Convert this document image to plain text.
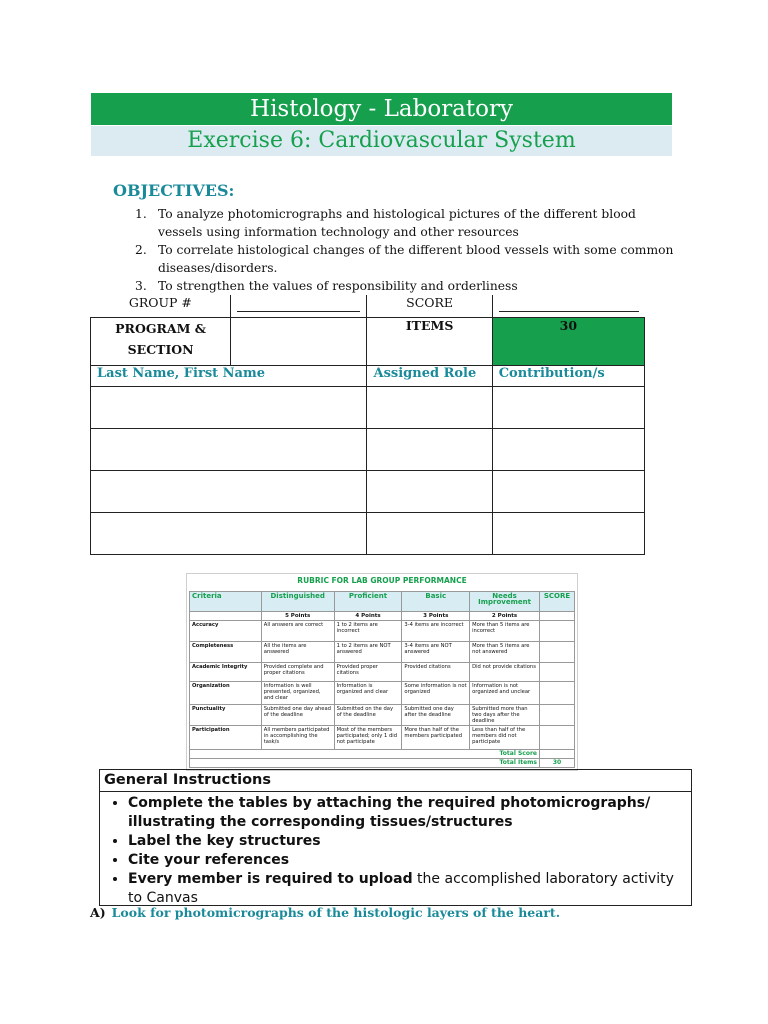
Histology - Laboratory
Exercise 6: Cardiovascular System
OBJECTIVES:
1. To analyze photomicrographs and histological pictures of the different blood vessels using information technology and other resources
2. To correlate histological changes of the different blood vessels with some common diseases/disorders.
3. To strengthen the values of responsibility and orderliness
GROUP #		SCORE	

PROGRAM & SECTION		ITEMS	30
Last Name, First Name		Assigned Role	Contribution/s

RUBRIC FOR LAB GROUP PERFORMANCE
Criteria	Distinguished	Proficient	Basic	Needs Improvement	SCORE
	5 Points	4 Points	3 Points	2 Points	
Accuracy	All answers are correct	1 to 2 items are incorrect	3-4 items are incorrect	More than 5 items are incorrect	
Completeness	All the items are answered	1 to 2 items are NOT answered	3-4 items are NOT answered	More than 5 items are not answered	
Academic Integrity	Provided complete and proper citations	Provided proper citations	Provided citations	Did not provide citations	
Organization	Information is well presented, organized, and clear	Information is organized and clear	Some information is not organized	Information is not organized and unclear	
Punctuality	Submitted one day ahead of the deadline	Submitted on the day of the deadline	Submitted one day after the deadline	Submitted more than two days after the deadline	
Participation	All members participated in accomplishing the task/s	Most of the members participated; only 1 did not participate	More than half of the members participated	Less than half of the members did not participate	
Total Score					
Total Items					30
General Instructions
• Complete the tables by attaching the required photomicrographs/ illustrating the corresponding tissues/structures
• Label the key structures
• Cite your references
• Every member is required to upload the accomplished laboratory activity to Canvas
A) Look for photomicrographs of the histologic layers of the heart.
